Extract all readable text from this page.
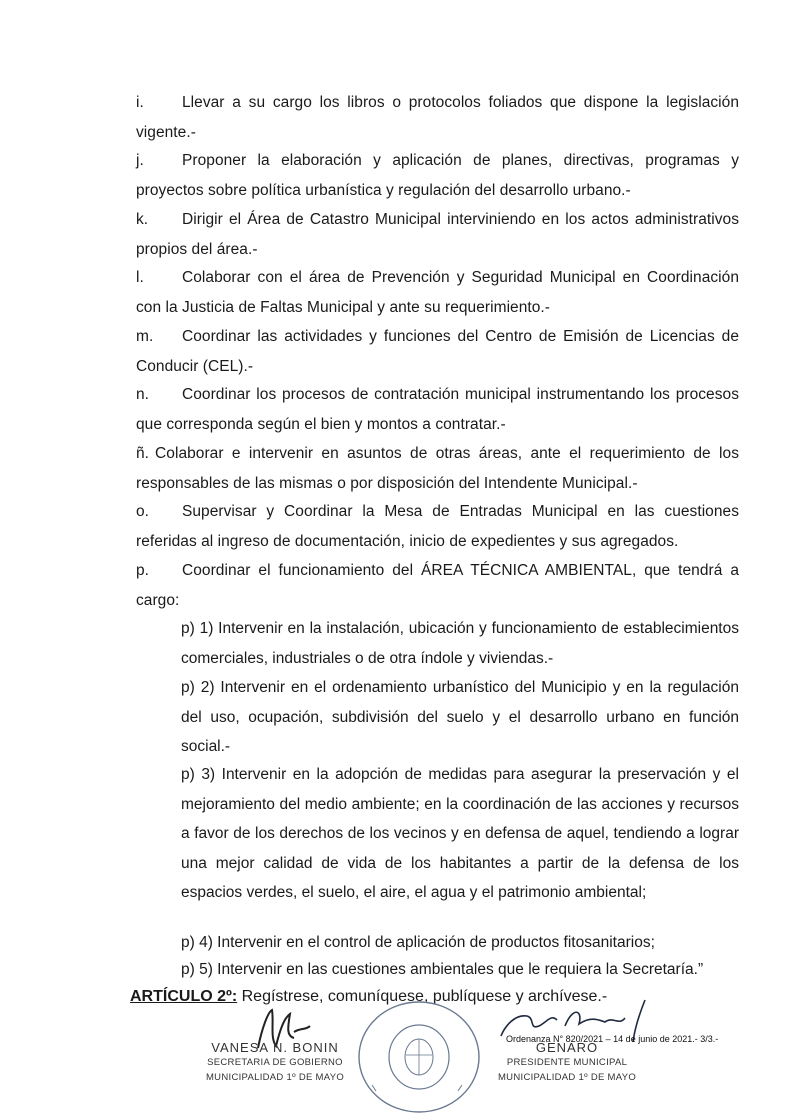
i. Llevar a su cargo los libros o protocolos foliados que dispone la legislación vigente.-
j. Proponer la elaboración y aplicación de planes, directivas, programas y proyectos sobre política urbanística y regulación del desarrollo urbano.-
k. Dirigir el Área de Catastro Municipal interviniendo en los actos administrativos propios del área.-
l. Colaborar con el área de Prevención y Seguridad Municipal en Coordinación con la Justicia de Faltas Municipal y ante su requerimiento.-
m. Coordinar las actividades y funciones del Centro de Emisión de Licencias de Conducir (CEL).-
n. Coordinar los procesos de contratación municipal instrumentando los procesos que corresponda según el bien y montos a contratar.-
ñ. Colaborar e intervenir en asuntos de otras áreas, ante el requerimiento de los responsables de las mismas o por disposición del Intendente Municipal.-
o. Supervisar y Coordinar la Mesa de Entradas Municipal en las cuestiones referidas al ingreso de documentación, inicio de expedientes y sus agregados.
p. Coordinar el funcionamiento del ÁREA TÉCNICA AMBIENTAL, que tendrá a cargo:
p) 1) Intervenir en la instalación, ubicación y funcionamiento de establecimientos comerciales, industriales o de otra índole y viviendas.-
p) 2) Intervenir en el ordenamiento urbanístico del Municipio y en la regulación del uso, ocupación, subdivisión del suelo y el desarrollo urbano en función social.-
p) 3) Intervenir en la adopción de medidas para asegurar la preservación y el mejoramiento del medio ambiente; en la coordinación de las acciones y recursos a favor de los derechos de los vecinos y en defensa de aquel, tendiendo a lograr una mejor calidad de vida de los habitantes a partir de la defensa de los espacios verdes, el suelo, el aire, el agua y el patrimonio ambiental;
p) 4) Intervenir en el control de aplicación de productos fitosanitarios;
p) 5) Intervenir en las cuestiones ambientales que le requiera la Secretaría.”
ARTÍCULO 2º: Regístrese, comuníquese, publíquese y archívese.-
VANESA N. BONIN
SECRETARIA DE GOBIERNO
MUNICIPALIDAD 1º DE MAYO
GENARO
PRESIDENTE MUNICIPAL
MUNICIPALIDAD 1º DE MAYO
Ordenanza N° 820/2021 – 14 de junio de 2021.- 3/3.-
